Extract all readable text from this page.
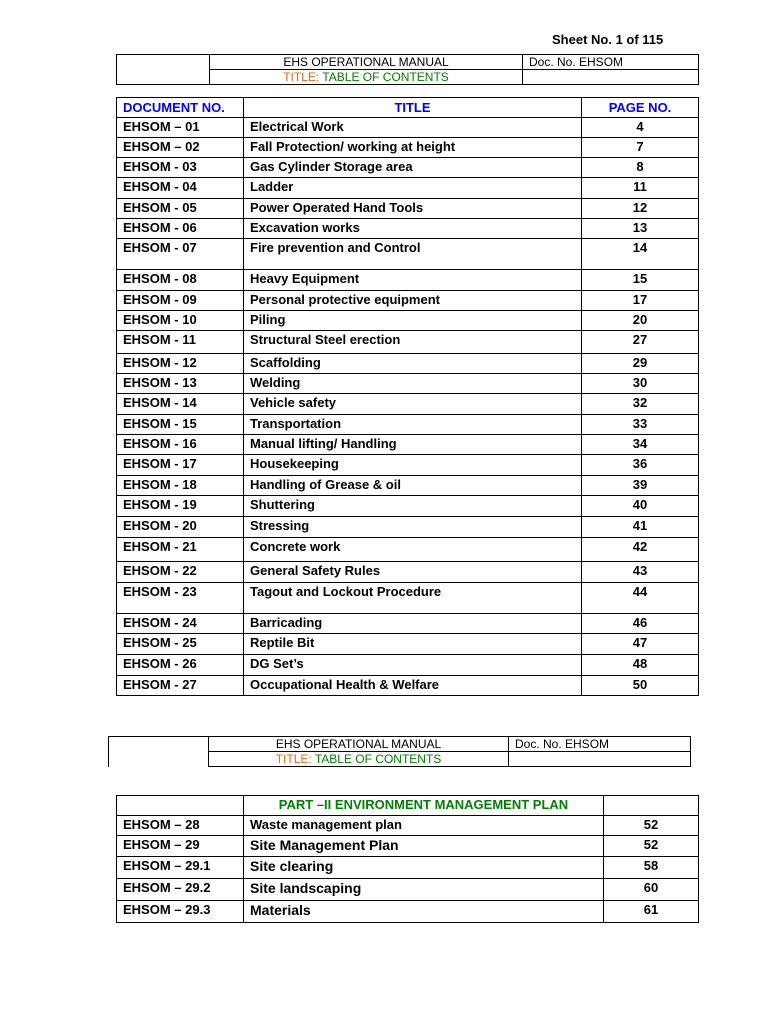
Sheet No. 1 of 115
	EHS OPERATIONAL MANUAL	Doc. No. EHSOM
	TITLE: TABLE OF CONTENTS	
DOCUMENT NO.	TITLE	PAGE NO.
EHSOM – 01	Electrical Work	4
EHSOM – 02	Fall Protection/ working at height	7
EHSOM - 03	Gas Cylinder Storage area	8
EHSOM - 04	Ladder	11
EHSOM - 05	Power Operated Hand Tools	12
EHSOM - 06	Excavation works	13
EHSOM - 07	Fire prevention and Control	14
EHSOM - 08	Heavy Equipment	15
EHSOM - 09	Personal protective equipment	17
EHSOM - 10	Piling	20
EHSOM - 11	Structural Steel erection	27
EHSOM - 12	Scaffolding	29
EHSOM - 13	Welding	30
EHSOM - 14	Vehicle safety	32
EHSOM - 15	Transportation	33
EHSOM - 16	Manual lifting/ Handling	34
EHSOM - 17	Housekeeping	36
EHSOM - 18	Handling of Grease & oil	39
EHSOM - 19	Shuttering	40
EHSOM - 20	Stressing	41
EHSOM - 21	Concrete work	42
EHSOM - 22	General Safety Rules	43
EHSOM - 23	Tagout and Lockout Procedure	44
EHSOM - 24	Barricading	46
EHSOM - 25	Reptile Bit	47
EHSOM - 26	DG Set’s	48
EHSOM - 27	Occupational Health & Welfare	50
	EHS OPERATIONAL MANUAL	Doc. No. EHSOM
	TITLE: TABLE OF CONTENTS	
	PART –II ENVIRONMENT MANAGEMENT PLAN	
EHSOM – 28	Waste management plan	52
EHSOM – 29	Site Management Plan	52
EHSOM – 29.1	Site clearing	58
EHSOM – 29.2	Site landscaping	60
EHSOM – 29.3	Materials	61
